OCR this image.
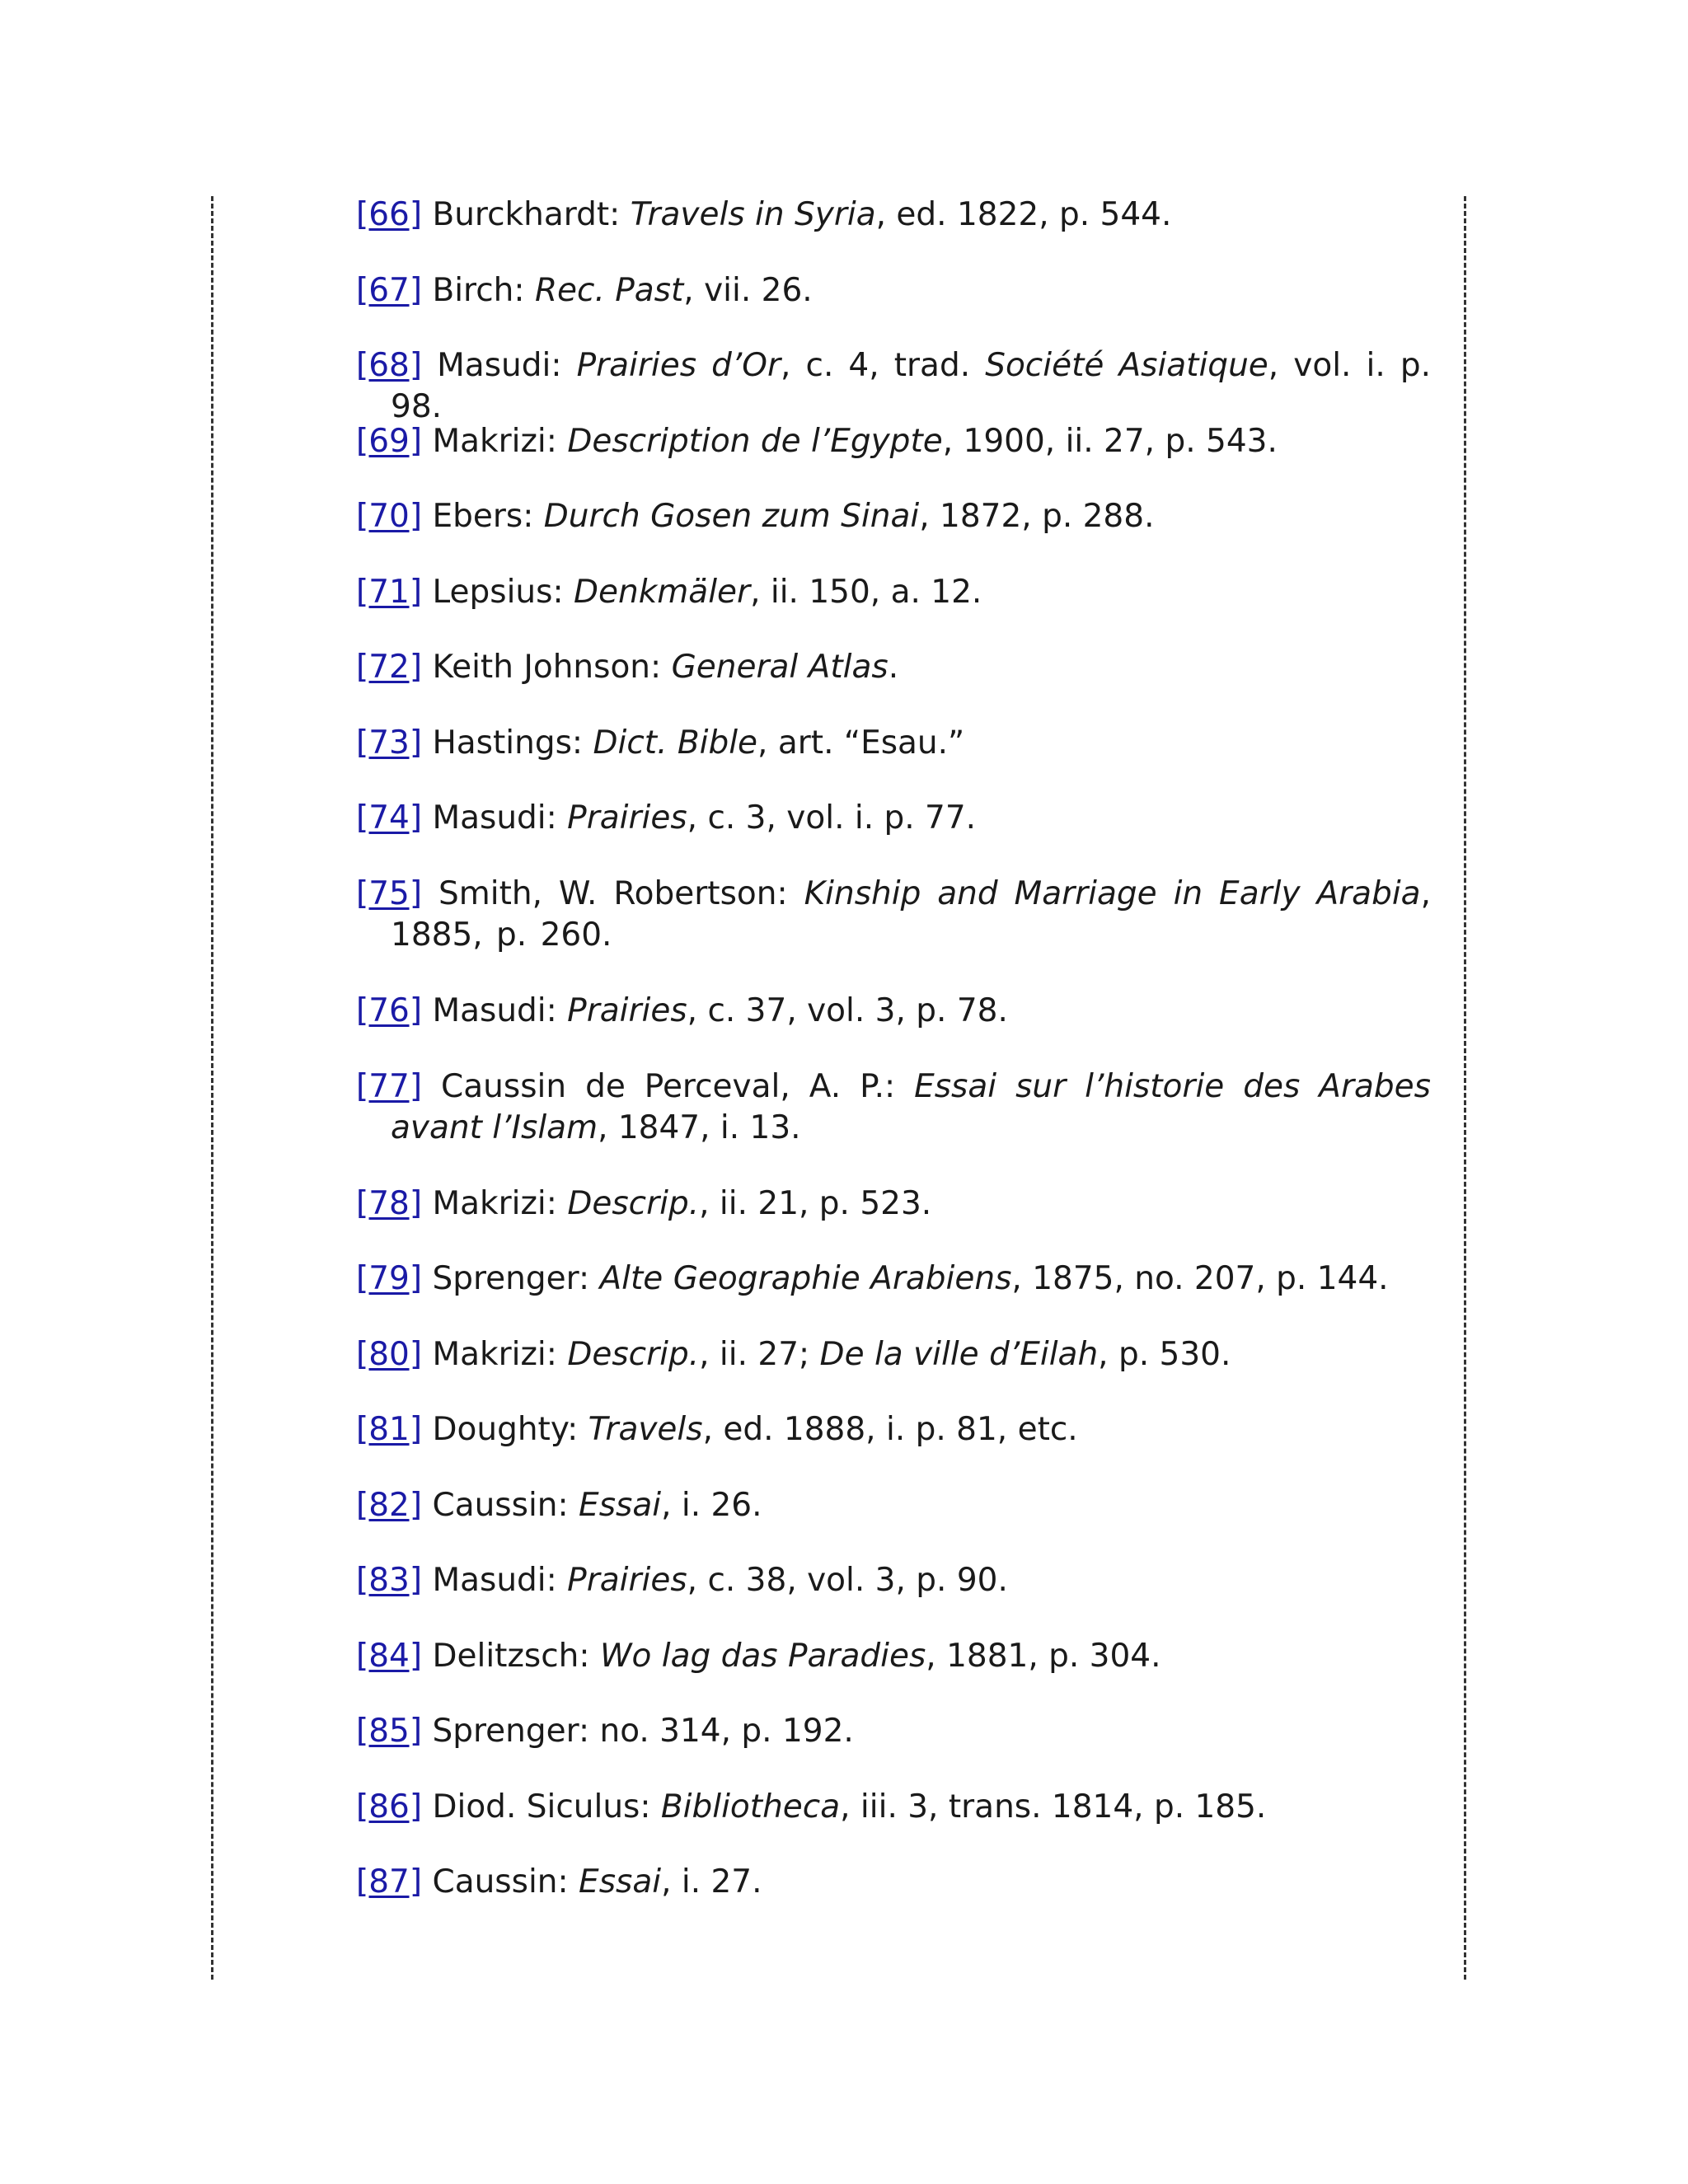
[66] Burckhardt: Travels in Syria, ed. 1822, p. 544.

[67] Birch: Rec. Past, vii. 26.

[68] Masudi: Prairies d’Or, c. 4, trad. Société Asiatique, vol. i. p. 98.

[69] Makrizi: Description de l’Egypte, 1900, ii. 27, p. 543.

[70] Ebers: Durch Gosen zum Sinai, 1872, p. 288.

[71] Lepsius: Denkmäler, ii. 150, a. 12.

[72] Keith Johnson: General Atlas.

[73] Hastings: Dict. Bible, art. “Esau.”

[74] Masudi: Prairies, c. 3, vol. i. p. 77.

[75] Smith, W. Robertson: Kinship and Marriage in Early Arabia, 1885, p. 260.

[76] Masudi: Prairies, c. 37, vol. 3, p. 78.

[77] Caussin de Perceval, A. P.: Essai sur l’historie des Arabes avant l’Islam, 1847, i. 13.

[78] Makrizi: Descrip., ii. 21, p. 523.

[79] Sprenger: Alte Geographie Arabiens, 1875, no. 207, p. 144.

[80] Makrizi: Descrip., ii. 27; De la ville d’Eilah, p. 530.

[81] Doughty: Travels, ed. 1888, i. p. 81, etc.

[82] Caussin: Essai, i. 26.

[83] Masudi: Prairies, c. 38, vol. 3, p. 90.

[84] Delitzsch: Wo lag das Paradies, 1881, p. 304.

[85] Sprenger: no. 314, p. 192.

[86] Diod. Siculus: Bibliotheca, iii. 3, trans. 1814, p. 185.

[87] Caussin: Essai, i. 27.
